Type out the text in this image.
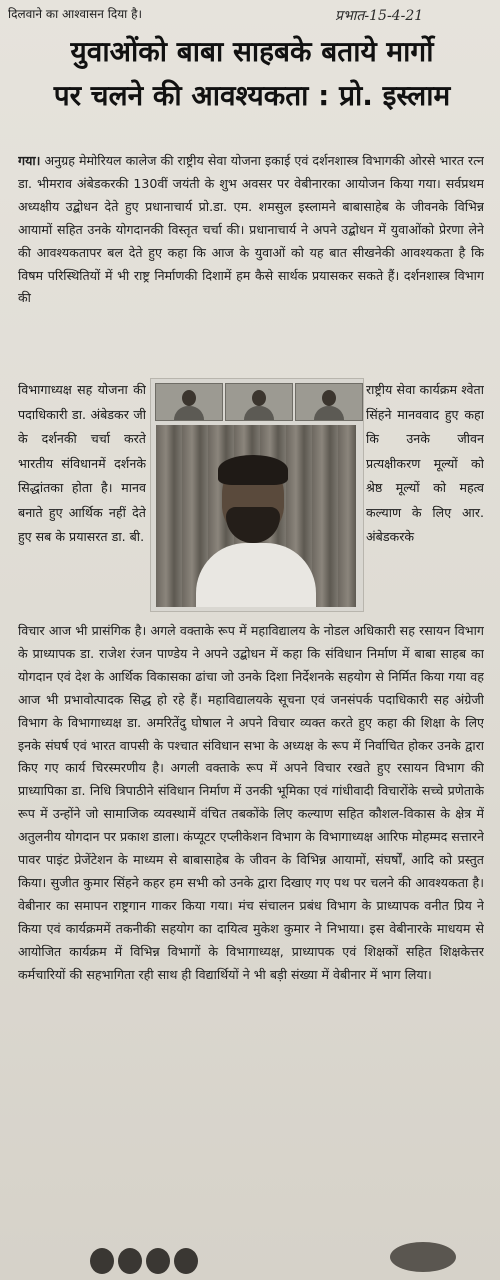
दिलवाने का आश्वासन दिया है।	प्रभात-15-4-21
युवाओंको बाबा साहबके बताये मार्गो
पर चलने की आवश्यकता : प्रो. इस्लाम
गया। अनुग्रह मेमोरियल कालेज की राष्ट्रीय सेवा योजना इकाई एवं दर्शनशास्त्र विभागकी ओरसे भारत रत्न डा. भीमराव अंबेडकरकी 130वीं जयंती के शुभ अवसर पर वेबीनारका आयोजन किया गया। सर्वप्रथम अध्यक्षीय उद्बोधन देते हुए प्रधानाचार्य प्रो.डा. एम. शमसुल इस्लामने बाबासाहेब के जीवनके विभिन्न आयामों सहित उनके योगदानकी विस्तृत चर्चा की। प्रधानाचार्य ने अपने उद्बोधन में युवाओंको प्रेरणा लेने की आवश्यकतापर बल देते हुए कहा कि आज के युवाओं को यह बात सीखनेकी आवश्यकता है कि विषम परिस्थितियों में भी राष्ट्र निर्माणकी दिशामें हम कैसे सार्थक प्रयासकर सकते हैं। दर्शनशास्त्र विभाग की
विभागाध्यक्ष सह योजना की पदाधिकारी डा. अंबेडकर जी के दर्शनकी चर्चा करते भारतीय संविधानमें दर्शनके सिद्धांतका होता है। मानव बनाते हुए आर्थिक नहीं देते हुए सब के प्रयासरत डा. बी.
राष्ट्रीय सेवा कार्यक्रम श्वेता सिंहने मानववाद हुए कहा कि उनके जीवन प्रत्यक्षीकरण मूल्यों को श्रेष्ठ मूल्यों को महत्व कल्याण के लिए आर. अंबेडकरके
विचार आज भी प्रासंगिक है। अगले वक्ताके रूप में महाविद्यालय के नोडल अधिकारी सह रसायन विभाग के प्राध्यापक डा. राजेश रंजन पाण्डेय ने अपने उद्बोधन में कहा कि संविधान निर्माण में बाबा साहब का योगदान एवं देश के आर्थिक विकासका ढांचा जो उनके दिशा निर्देशनके सहयोग से निर्मित किया गया वह आज भी प्रभावोत्पादक सिद्ध हो रहे हैं। महाविद्यालयके सूचना एवं जनसंपर्क पदाधिकारी सह अंग्रेजी विभाग के विभागाध्यक्ष डा. अमरितेंदु घोषाल ने अपने विचार व्यक्त करते हुए कहा की शिक्षा के लिए इनके संघर्ष एवं भारत वापसी के पश्चात संविधान सभा के अध्यक्ष के रूप में निर्वाचित होकर उनके द्वारा किए गए कार्य चिरस्मरणीय है। अगली वक्ताके रूप में अपने विचार रखते हुए रसायन विभाग की प्राध्यापिका डा. निधि त्रिपाठीने संविधान निर्माण में उनकी भूमिका एवं गांधीवादी विचारोंके सच्चे प्रणेताके रूप में उन्होंने जो सामाजिक व्यवस्थामें वंचित तबकोंके लिए कल्याण सहित कौशल-विकास के क्षेत्र में अतुलनीय योगदान पर प्रकाश डाला। कंप्यूटर एप्लीकेशन विभाग के विभागाध्यक्ष आरिफ मोहम्मद सत्तारने पावर पाइंट प्रेजेंटेशन के माध्यम से बाबासाहेब के जीवन के विभिन्न आयामों, संघर्षों, आदि को प्रस्तुत किया। सुजीत कुमार सिंहने कहर हम सभी को उनके द्वारा दिखाए गए पथ पर चलने की आवश्यकता है। वेबीनार का समापन राष्ट्रगान गाकर किया गया। मंच संचालन प्रबंध विभाग के प्राध्यापक वनीत प्रिय ने किया एवं कार्यक्रममें तकनीकी सहयोग का दायित्व मुकेश कुमार ने निभाया। इस वेबीनारके माधयम से आयोजित कार्यक्रम में विभिन्न विभागों के विभागाध्यक्ष, प्राध्यापक एवं शिक्षकों सहित शिक्षकेत्तर कर्मचारियों की सहभागिता रही साथ ही विद्यार्थियों ने भी बड़ी संख्या में वेबीनार में भाग लिया।
